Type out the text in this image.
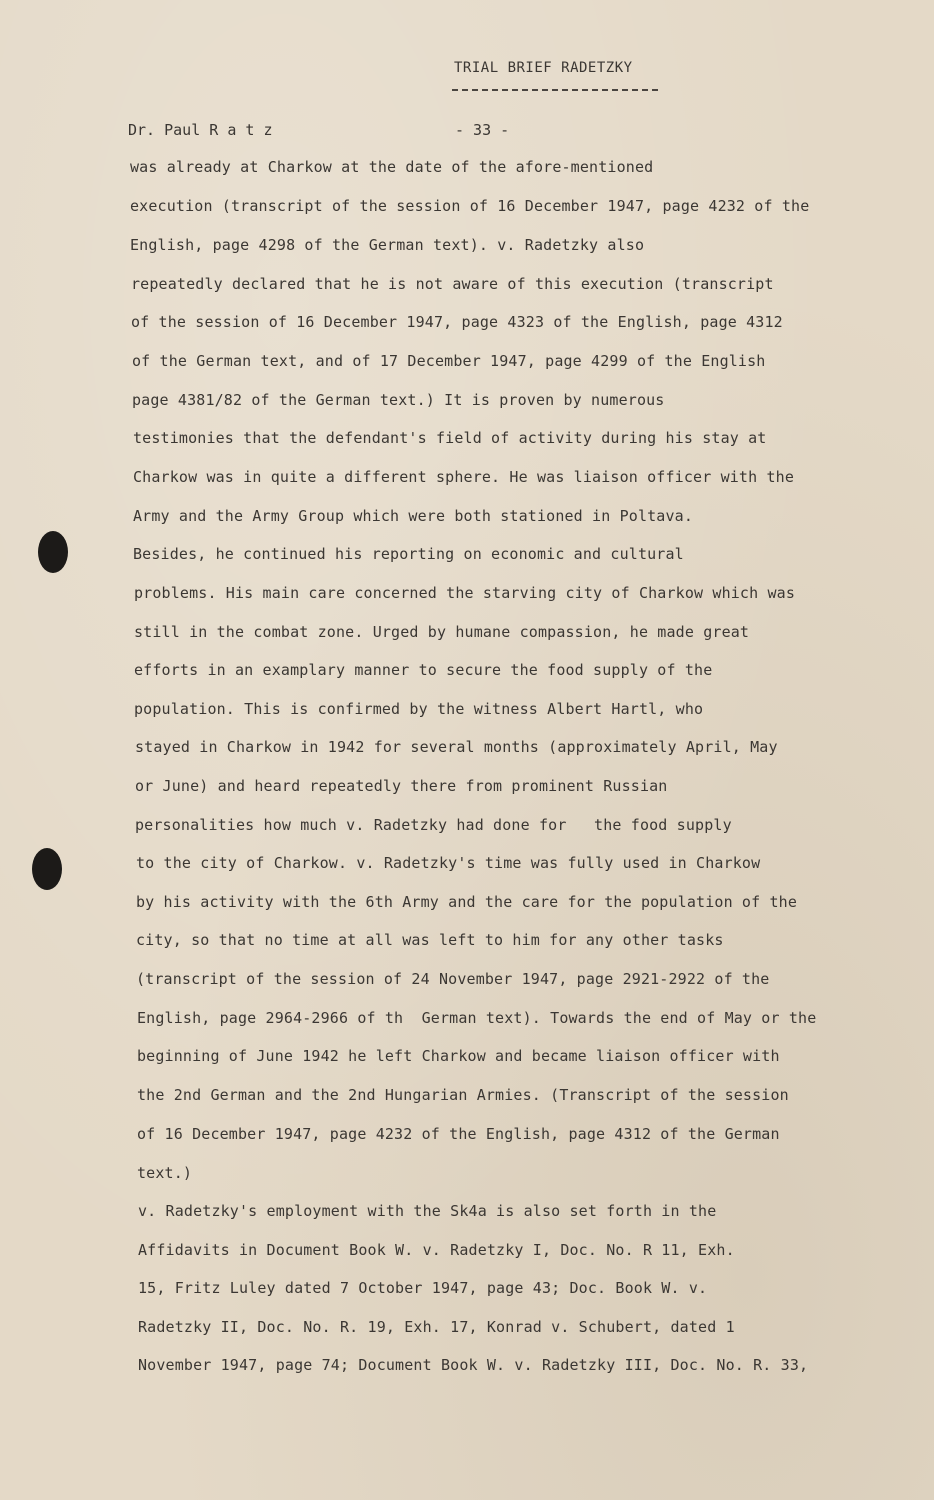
TRIAL BRIEF RADETZKY
Dr. Paul R a t z	- 33 -
was already at Charkow at the date of the afore-mentioned
execution (transcript of the session of 16 December 1947, page 4232 of the
English, page 4298 of the German text). v. Radetzky also
repeatedly declared that he is not aware of this execution (transcript
of the session of 16 December 1947, page 4323 of the English, page 4312
of the German text, and of 17 December 1947, page 4299 of the English
page 4381/82 of the German text.) It is proven by numerous
testimonies that the defendant's field of activity during his stay at
Charkow was in quite a different sphere. He was liaison officer with the
Army and the Army Group which were both stationed in Poltava.
Besides, he continued his reporting on economic and cultural
problems. His main care concerned the starving city of Charkow which was
still in the combat zone. Urged by humane compassion, he made great
efforts in an examplary manner to secure the food supply of the
population. This is confirmed by the witness Albert Hartl, who
stayed in Charkow in 1942 for several months (approximately April, May
or June) and heard repeatedly there from prominent Russian
personalities how much v. Radetzky had done for   the food supply
to the city of Charkow. v. Radetzky's time was fully used in Charkow
by his activity with the 6th Army and the care for the population of the
city, so that no time at all was left to him for any other tasks
(transcript of the session of 24 November 1947, page 2921-2922 of the
English, page 2964-2966 of th  German text). Towards the end of May or the
beginning of June 1942 he left Charkow and became liaison officer with
the 2nd German and the 2nd Hungarian Armies. (Transcript of the session
of 16 December 1947, page 4232 of the English, page 4312 of the German
text.)
v. Radetzky's employment with the Sk4a is also set forth in the
Affidavits in Document Book W. v. Radetzky I, Doc. No. R 11, Exh.
15, Fritz Luley dated 7 October 1947, page 43; Doc. Book W. v.
Radetzky II, Doc. No. R. 19, Exh. 17, Konrad v. Schubert, dated 1
November 1947, page 74; Document Book W. v. Radetzky III, Doc. No. R. 33,
